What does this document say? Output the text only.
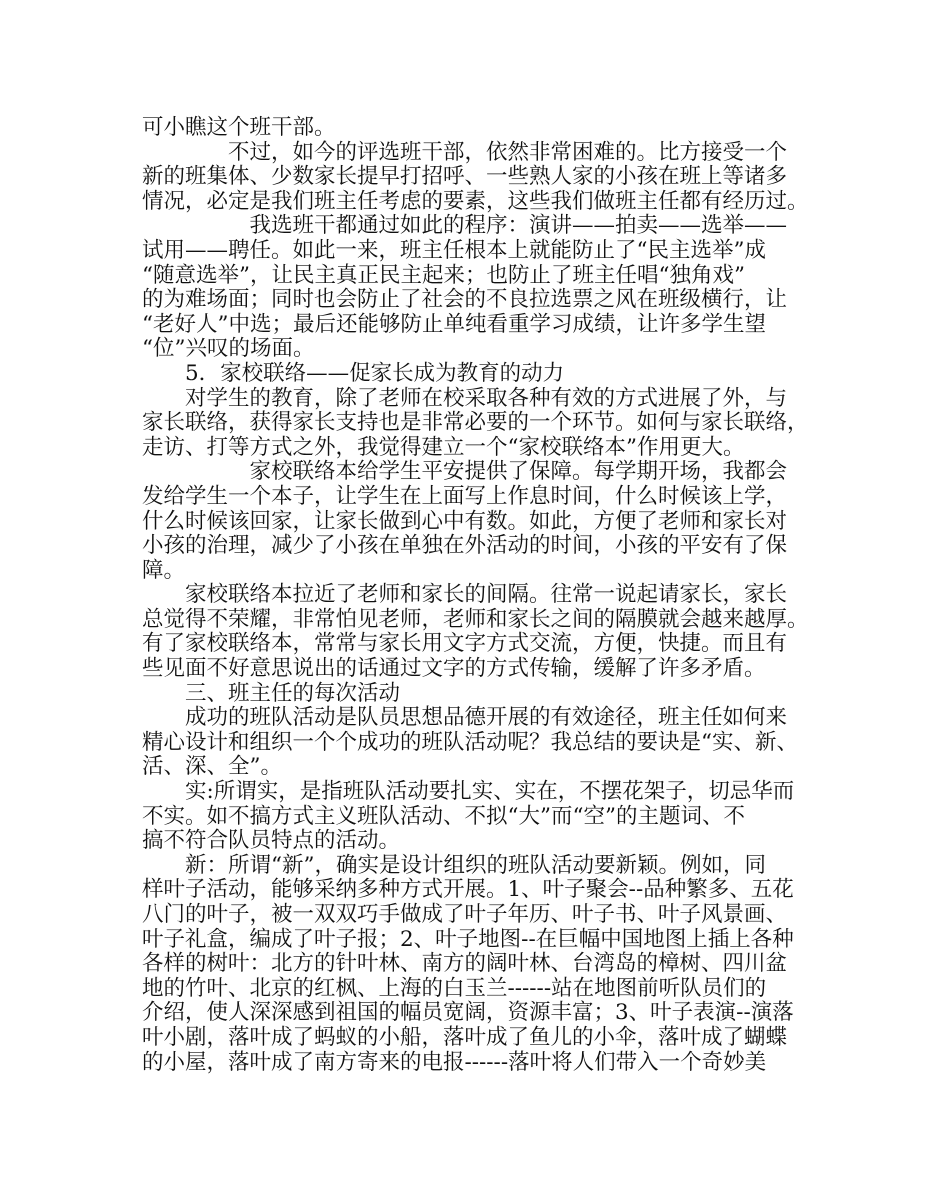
可小瞧这个班干部。
　　　　不过，如今的评选班干部，依然非常困难的。比方接受一个
新的班集体、少数家长提早打招呼、一些熟人家的小孩在班上等诸多
情况，必定是我们班主任考虑的要素，这些我们做班主任都有经历过。
　　　　　我选班干都通过如此的程序：演讲——拍卖——选举——
试用——聘任。如此一来，班主任根本上就能防止了“民主选举”成
“随意选举”，让民主真正民主起来；也防止了班主任唱“独角戏”
的为难场面；同时也会防止了社会的不良拉选票之风在班级横行，让
“老好人”中选；最后还能够防止单纯看重学习成绩，让许多学生望
“位”兴叹的场面。
　　5．家校联络——促家长成为教育的动力
　　对学生的教育，除了老师在校采取各种有效的方式进展了外，与
家长联络，获得家长支持也是非常必要的一个环节。如何与家长联络，
走访、打等方式之外，我觉得建立一个“家校联络本”作用更大。
　　　　　家校联络本给学生平安提供了保障。每学期开场，我都会
发给学生一个本子，让学生在上面写上作息时间，什么时候该上学，
什么时候该回家，让家长做到心中有数。如此，方便了老师和家长对
小孩的治理，减少了小孩在单独在外活动的时间，小孩的平安有了保
障。
　　家校联络本拉近了老师和家长的间隔。往常一说起请家长，家长
总觉得不荣耀，非常怕见老师，老师和家长之间的隔膜就会越来越厚。
有了家校联络本，常常与家长用文字方式交流，方便，快捷。而且有
些见面不好意思说出的话通过文字的方式传输，缓解了许多矛盾。
　　三、班主任的每次活动
　　成功的班队活动是队员思想品德开展的有效途径，班主任如何来
精心设计和组织一个个成功的班队活动呢？我总结的要诀是“实、新、
活、深、全”。
　　实:所谓实，是指班队活动要扎实、实在，不摆花架子，切忌华而
不实。如不搞方式主义班队活动、不拟“大”而“空”的主题词、不
搞不符合队员特点的活动。
　　新：所谓“新”，确实是设计组织的班队活动要新颖。例如，同
样叶子活动，能够采纳多种方式开展。1、叶子聚会--品种繁多、五花
八门的叶子，被一双双巧手做成了叶子年历、叶子书、叶子风景画、
叶子礼盒，编成了叶子报；2、叶子地图--在巨幅中国地图上插上各种
各样的树叶：北方的针叶林、南方的阔叶林、台湾岛的樟树、四川盆
地的竹叶、北京的红枫、上海的白玉兰------站在地图前听队员们的
介绍，使人深深感到祖国的幅员宽阔，资源丰富；3、叶子表演--演落
叶小剧，落叶成了蚂蚁的小船，落叶成了鱼儿的小伞，落叶成了蝴蝶
的小屋，落叶成了南方寄来的电报------落叶将人们带入一个奇妙美
